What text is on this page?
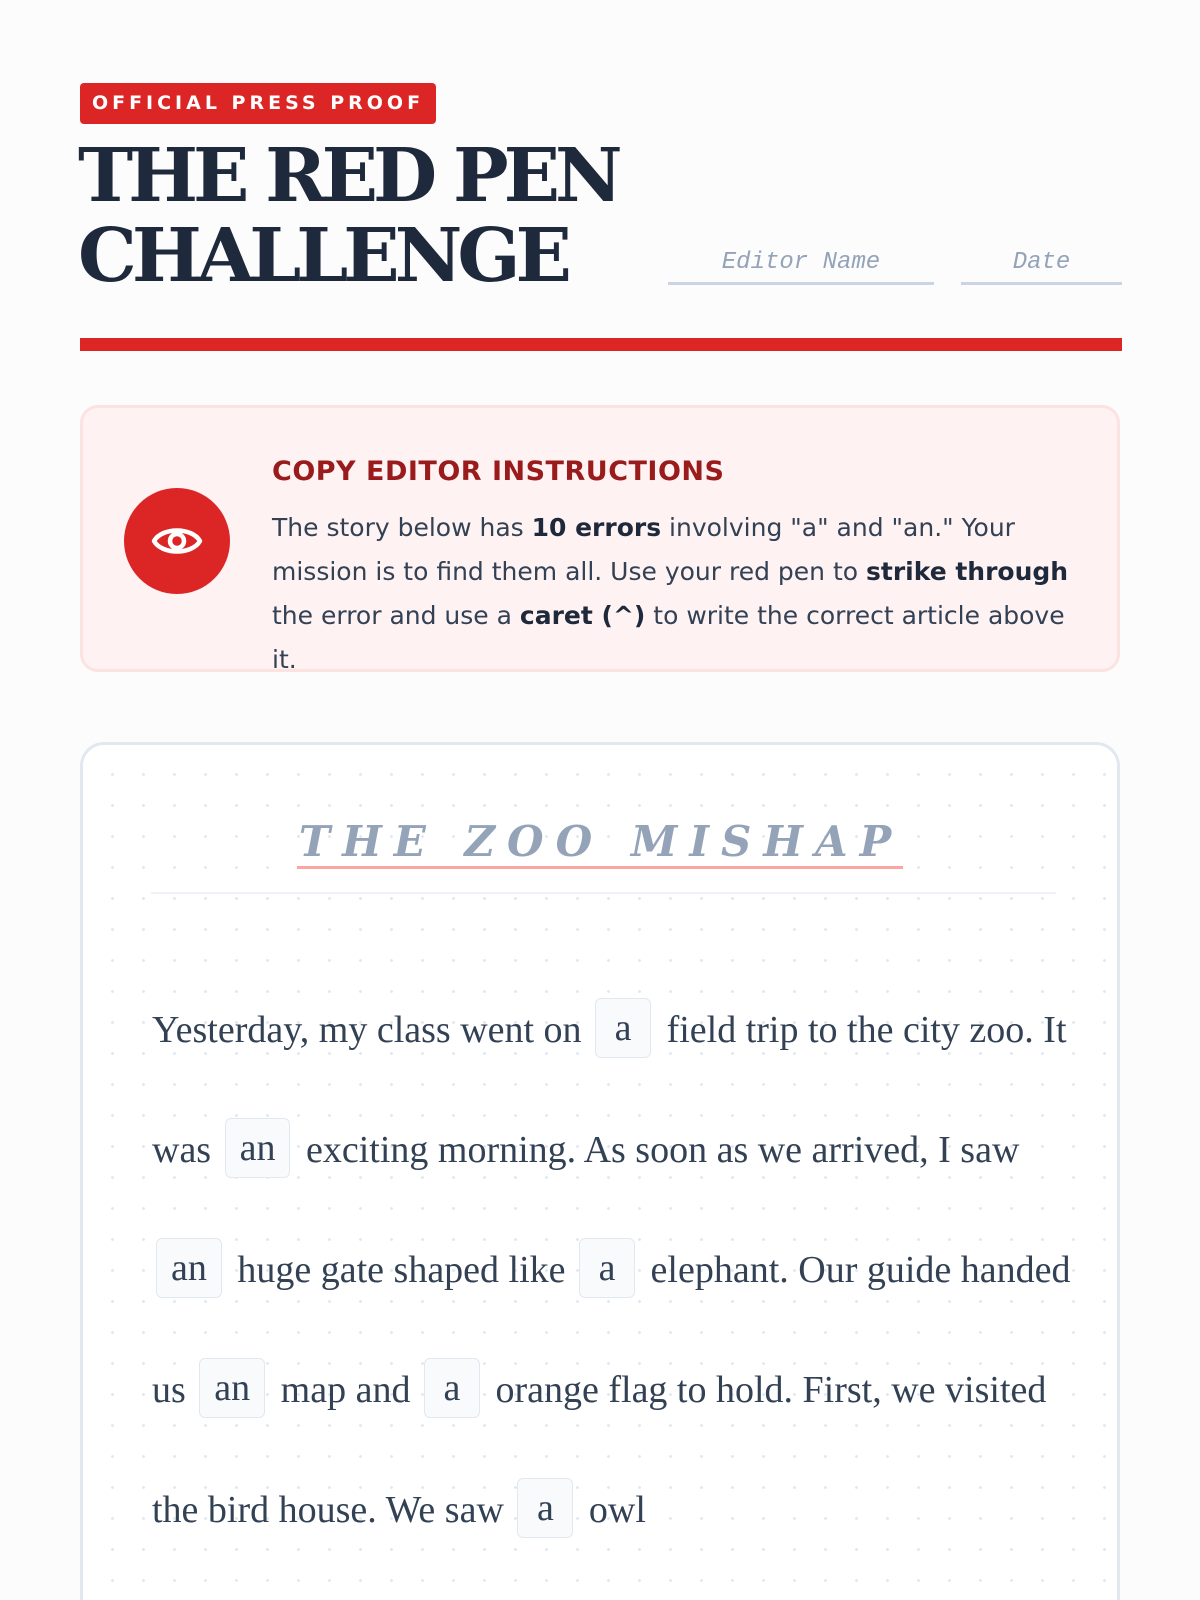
OFFICIAL PRESS PROOF
THE RED PEN
CHALLENGE	Editor Name	Date
COPY EDITOR INSTRUCTIONS
The story below has 10 errors involving "a" and "an." Your mission is to find them all. Use your red pen to strike through the error and use a caret (^) to write the correct article above it.
THE ZOO MISHAP

Yesterday, my class went on a field trip to the city zoo. It was an exciting morning. As soon as we arrived, I saw an huge gate shaped like a elephant. Our guide handed us an map and a orange flag to hold. First, we visited the bird house. We saw a owl
